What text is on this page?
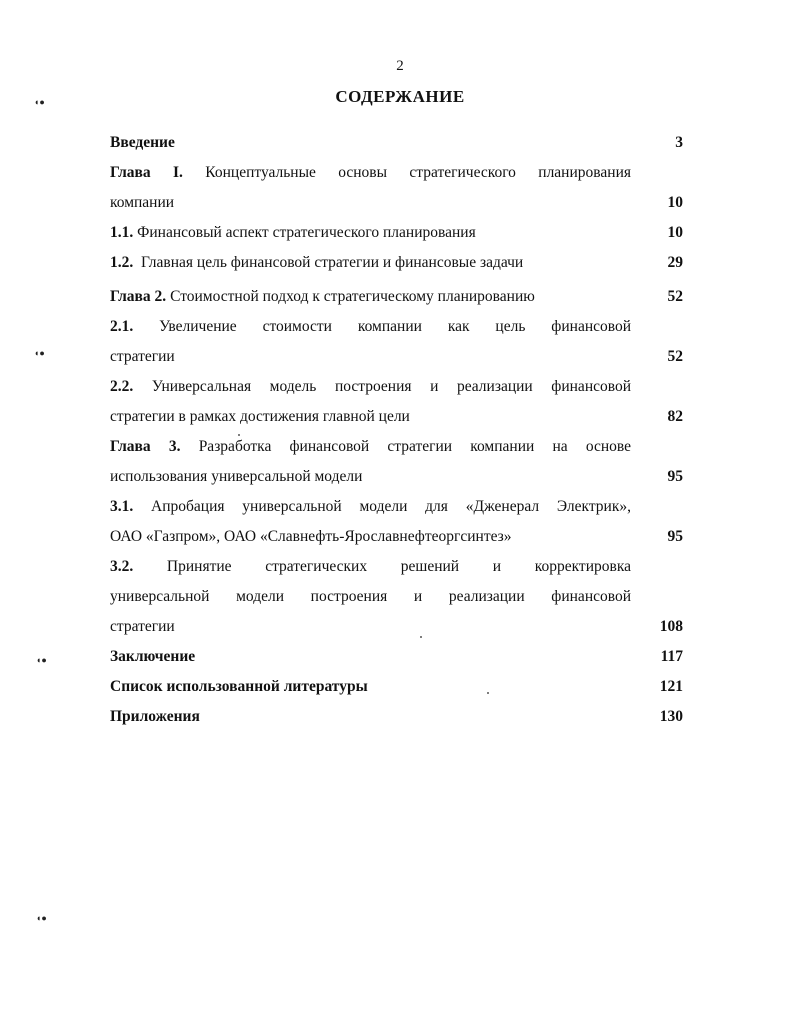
2
СОДЕРЖАНИЕ
Введение	3
Глава I. Концептуальные основы стратегического планирования
компании	10
1.1. Финансовый аспект стратегического планирования	10
1.2. Главная цель финансовой стратегии и финансовые задачи	29
Глава 2. Стоимостной подход к стратегическому планированию	52
2.1. Увеличение стоимости компании как цель финансовой
стратегии	52
2.2. Универсальная модель построения и реализации финансовой
стратегии в рамках достижения главной цели	82
Глава 3. Разработка финансовой стратегии компании на основе
использования универсальной модели	95
3.1. Апробация универсальной модели для «Дженерал Электрик»,
ОАО «Газпром», ОАО «Славнефть-Ярославнефтеоргсинтез»	95
3.2. Принятие стратегических решений и корректировка
универсальной модели построения и реализации финансовой
стратегии	108
Заключение	117
Список использованной литературы	121
Приложения	130
◖●
◖●
◖●
◖●
